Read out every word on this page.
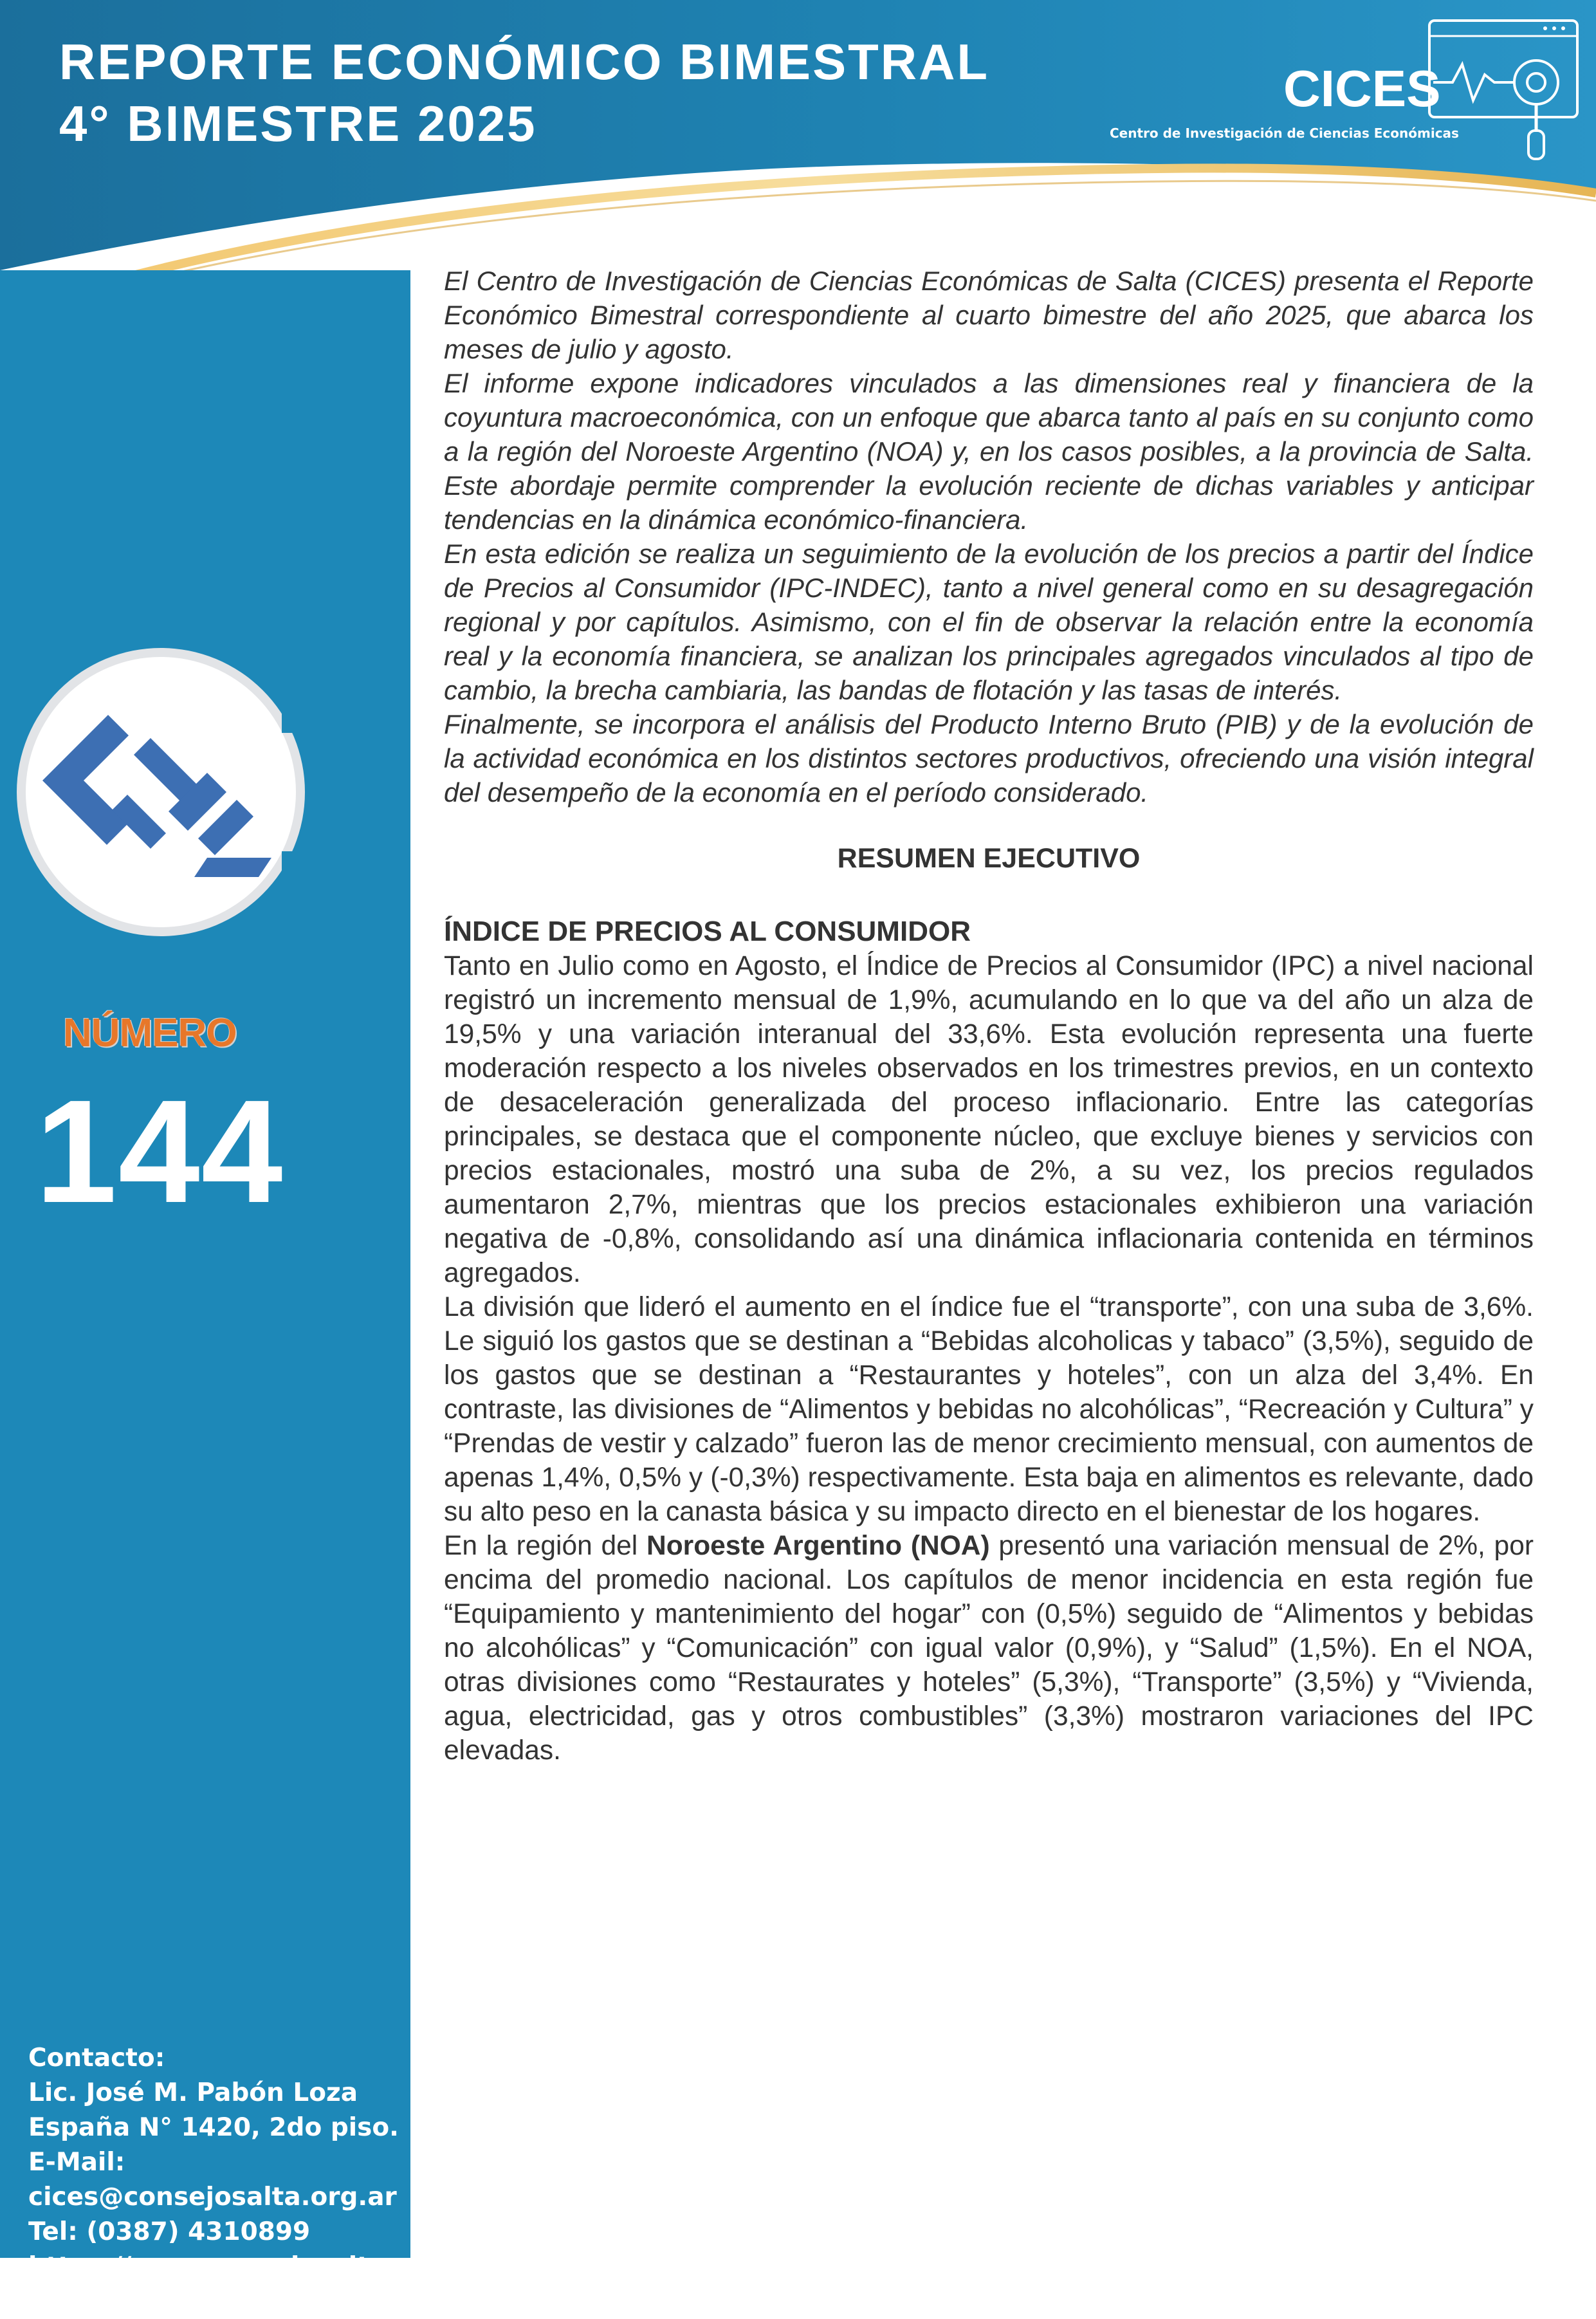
REPORTE ECONÓMICO BIMESTRAL
4° BIMESTRE 2025
CICES
Centro de Investigación de Ciencias Económicas
NÚMERO
144
Contacto:
Lic. José M. Pabón Loza
España N° 1420, 2do piso.
E-Mail:
cices@consejosalta.org.ar
Tel: (0387) 4310899
https://www.consejosalta.
org.ar/cices/

El Centro de Investigación de Ciencias Económicas de Salta (CICES) presenta el Reporte Económico Bimestral correspondiente al cuarto bimestre del año 2025, que abarca los meses de julio y agosto.

El informe expone indicadores vinculados a las dimensiones real y financiera de la coyuntura macroeconómica, con un enfoque que abarca tanto al país en su conjunto como a la región del Noroeste Argentino (NOA) y, en los casos posibles, a la provincia de Salta. Este abordaje permite comprender la evolución reciente de dichas variables y anticipar tendencias en la dinámica económico-financiera.

En esta edición se realiza un seguimiento de la evolución de los precios a partir del Índice de Precios al Consumidor (IPC-INDEC), tanto a nivel general como en su desagregación regional y por capítulos. Asimismo, con el fin de observar la relación entre la economía real y la economía financiera, se analizan los principales agregados vinculados al tipo de cambio, la brecha cambiaria, las bandas de flotación y las tasas de interés.

Finalmente, se incorpora el análisis del Producto Interno Bruto (PIB) y de la evolución de la actividad económica en los distintos sectores productivos, ofreciendo una visión integral del desempeño de la economía en el período considerado.

RESUMEN EJECUTIVO
ÍNDICE DE PRECIOS AL CONSUMIDOR

Tanto en Julio como en Agosto, el Índice de Precios al Consumidor (IPC) a nivel nacional registró un incremento mensual de 1,9%, acumulando en lo que va del año un alza de 19,5% y una variación interanual del 33,6%. Esta evolución representa una fuerte moderación respecto a los niveles observados en los trimestres previos, en un contexto de desaceleración generalizada del proceso inflacionario. Entre las categorías principales, se destaca que el componente núcleo, que excluye bienes y servicios con precios estacionales, mostró una suba de 2%, a su vez, los precios regulados aumentaron 2,7%, mientras que los precios estacionales exhibieron una variación negativa de -0,8%, consolidando así una dinámica inflacionaria contenida en términos agregados.

La división que lideró el aumento en el índice fue el “transporte”, con una suba de 3,6%. Le siguió los gastos que se destinan a “Bebidas alcoholicas y tabaco” (3,5%), seguido de los gastos que se destinan a “Restaurantes y hoteles”, con un alza del 3,4%. En contraste, las divisiones de “Alimentos y bebidas no alcohólicas”, “Recreación y Cultura” y “Prendas de vestir y calzado” fueron las de menor crecimiento mensual, con aumentos de apenas 1,4%, 0,5% y (-0,3%) respectivamente. Esta baja en alimentos es relevante, dado su alto peso en la canasta básica y su impacto directo en el bienestar de los hogares.

En la región del Noroeste Argentino (NOA) presentó una variación mensual de 2%, por encima del promedio nacional. Los capítulos de menor incidencia en esta región fue “Equipamiento y mantenimiento del hogar” con (0,5%) seguido de “Alimentos y bebidas no alcohólicas” y “Comunicación” con igual valor (0,9%), y “Salud” (1,5%). En el NOA, otras divisiones como “Restaurates y hoteles” (5,3%), “Transporte” (3,5%) y “Vivienda, agua, electricidad, gas y otros combustibles” (3,3%) mostraron variaciones del IPC elevadas.
